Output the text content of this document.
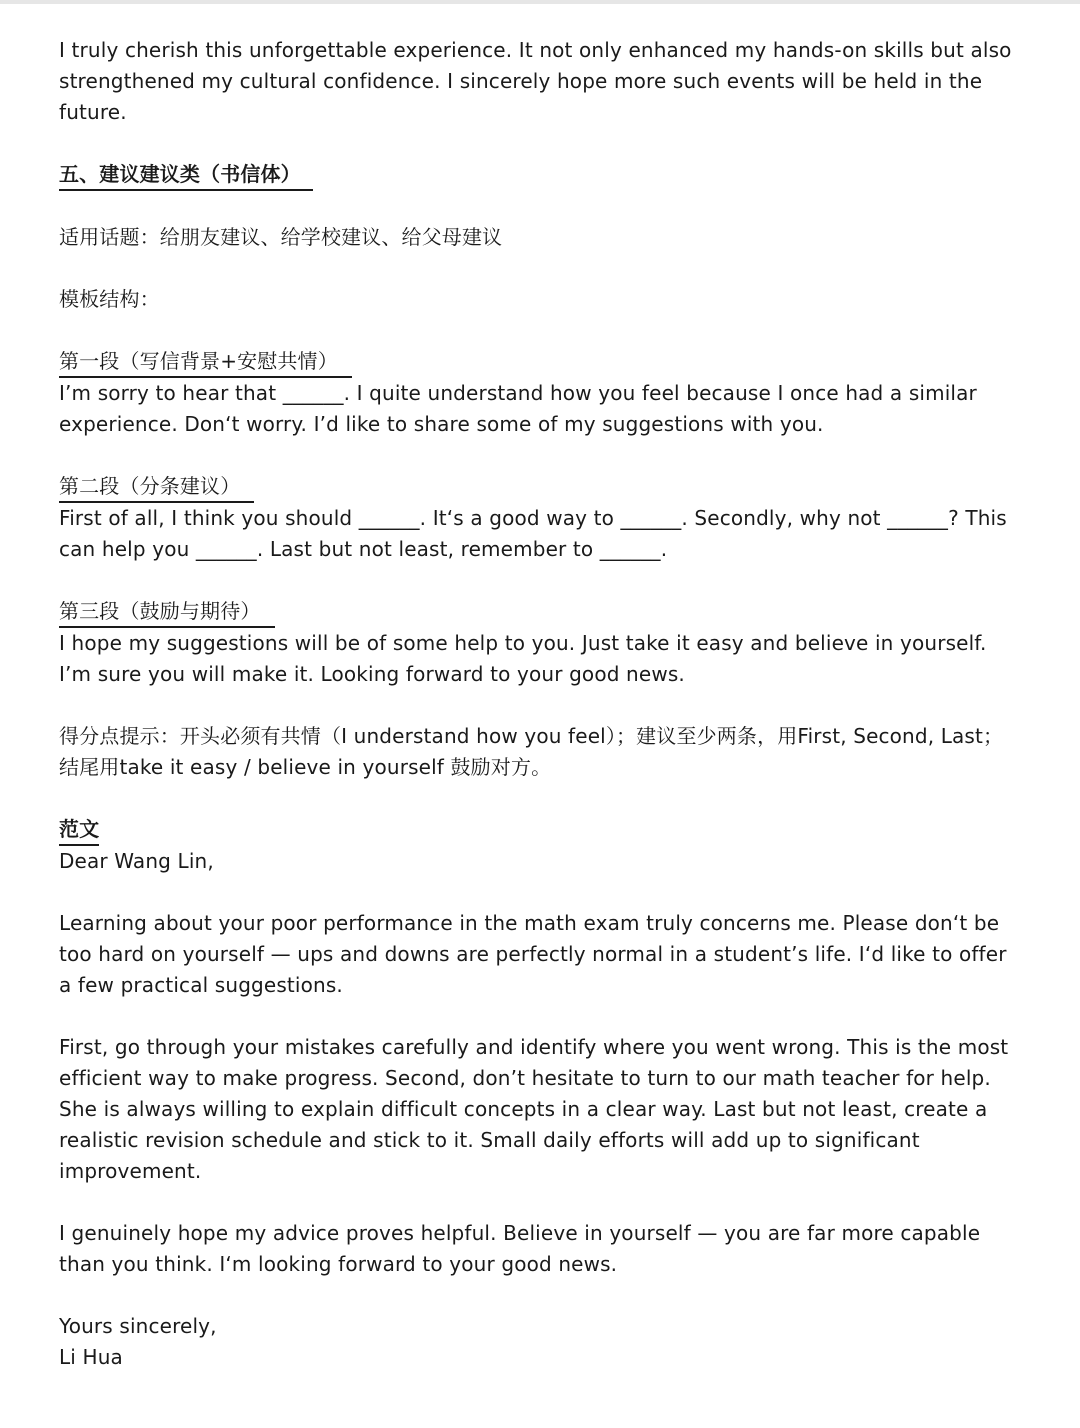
I truly cherish this unforgettable experience. It not only enhanced my hands-on skills but also strengthened my cultural confidence. I sincerely hope more such events will be held in the future.

五、建议建议类（书信体）

适用话题：给朋友建议、给学校建议、给父母建议

模板结构：

第一段（写信背景+安慰共情）

I’m sorry to hear that ______. I quite understand how you feel because I once had a similar experience. Don‘t worry. I’d like to share some of my suggestions with you.

第二段（分条建议）

First of all, I think you should ______. It‘s a good way to ______. Secondly, why not ______? This can help you ______. Last but not least, remember to ______.

第三段（鼓励与期待）

I hope my suggestions will be of some help to you. Just take it easy and believe in yourself. I’m sure you will make it. Looking forward to your good news.

得分点提示：开头必须有共情（I understand how you feel）；建议至少两条，用First, Second, Last；结尾用take it easy / believe in yourself 鼓励对方。

范文

Dear Wang Lin,

Learning about your poor performance in the math exam truly concerns me. Please don‘t be too hard on yourself — ups and downs are perfectly normal in a student’s life. I‘d like to offer a few practical suggestions.

First, go through your mistakes carefully and identify where you went wrong. This is the most efficient way to make progress. Second, don’t hesitate to turn to our math teacher for help. She is always willing to explain difficult concepts in a clear way. Last but not least, create a realistic revision schedule and stick to it. Small daily efforts will add up to significant improvement.

I genuinely hope my advice proves helpful. Believe in yourself — you are far more capable than you think. I‘m looking forward to your good news.

Yours sincerely,

Li Hua
